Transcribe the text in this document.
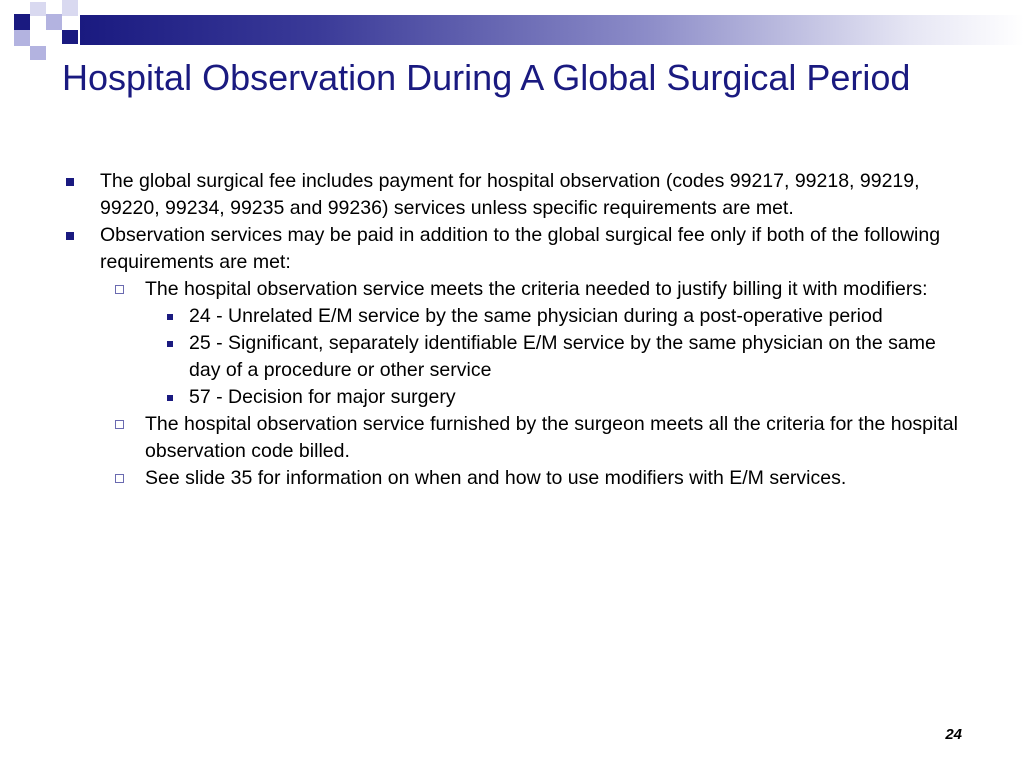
Hospital Observation During A Global Surgical Period
The global surgical fee includes payment for hospital observation (codes 99217, 99218, 99219, 99220, 99234, 99235 and 99236) services unless specific requirements are met.
Observation services may be paid in addition to the global surgical fee only if both of the following requirements are met:
The hospital observation service meets the criteria needed to justify billing it with modifiers:
24 - Unrelated E/M service by the same physician during a post-operative period
25 - Significant, separately identifiable E/M service by the same physician on the same day of a procedure or other service
57 - Decision for major surgery
The hospital observation service furnished by the surgeon meets all the criteria for the hospital observation code billed.
See slide 35 for information on when and how to use modifiers with E/M services.
24
